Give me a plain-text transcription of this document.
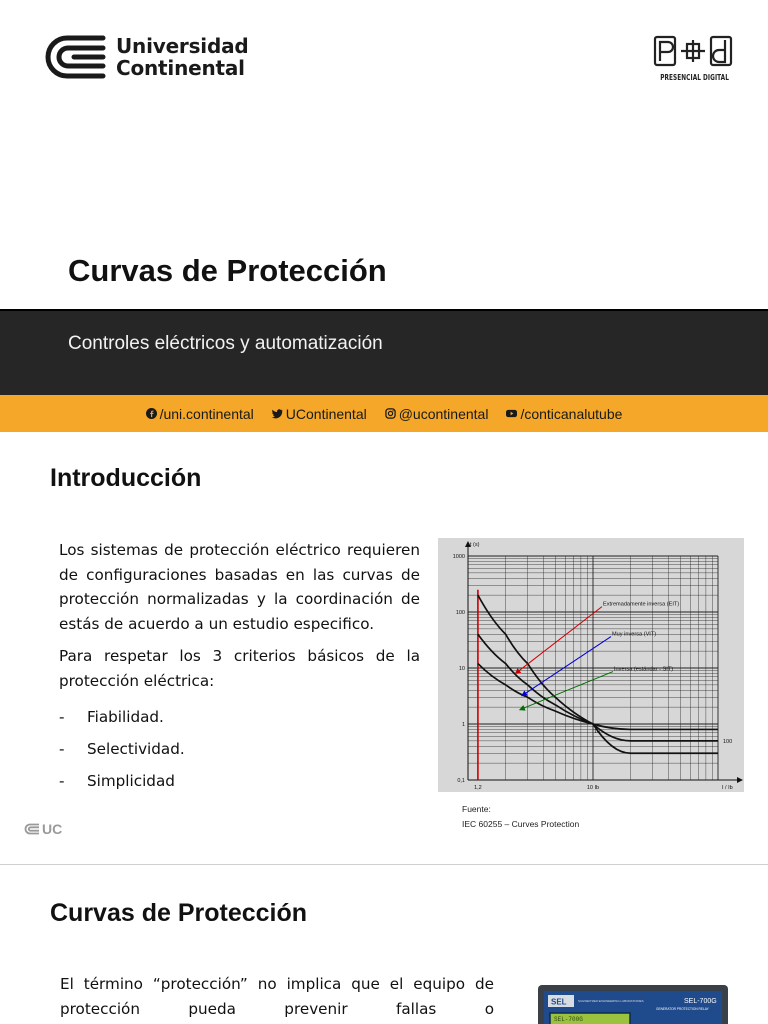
Universidad
Continental	PRESENCIAL DIGITAL
Curvas de Protección
Controles eléctricos y automatización
/uni.continental UContinental @ucontinental /conticanalutube
Introducción

Los sistemas de protección eléctrico requieren de configuraciones basadas en las curvas de protección normalizadas y la coordinación de estás de acuerdo a un estudio especifico.

Para respetar los 3 criterios básicos de la protección eléctrica:

-	Fiabilidad.
-	Selectividad.
-	Simplicidad
t (s)
I / Ib
1000
100
10
1
0,1
1,2	10 Ib
10
100
Extremadamente inversa (EIT)
Muy inversa (VIT)
Inversa (estándar - SIT)
Fuente:
IEC 60255 – Curves Protection
UC
Curvas de Protección

El término “protección” no implica que el equipo de protección pueda prevenir fallas o	SEL	SCHWEITZER ENGINEERING LABORATORIES	SEL-700G
GENERATOR PROTECTION RELAY
SEL-700G
